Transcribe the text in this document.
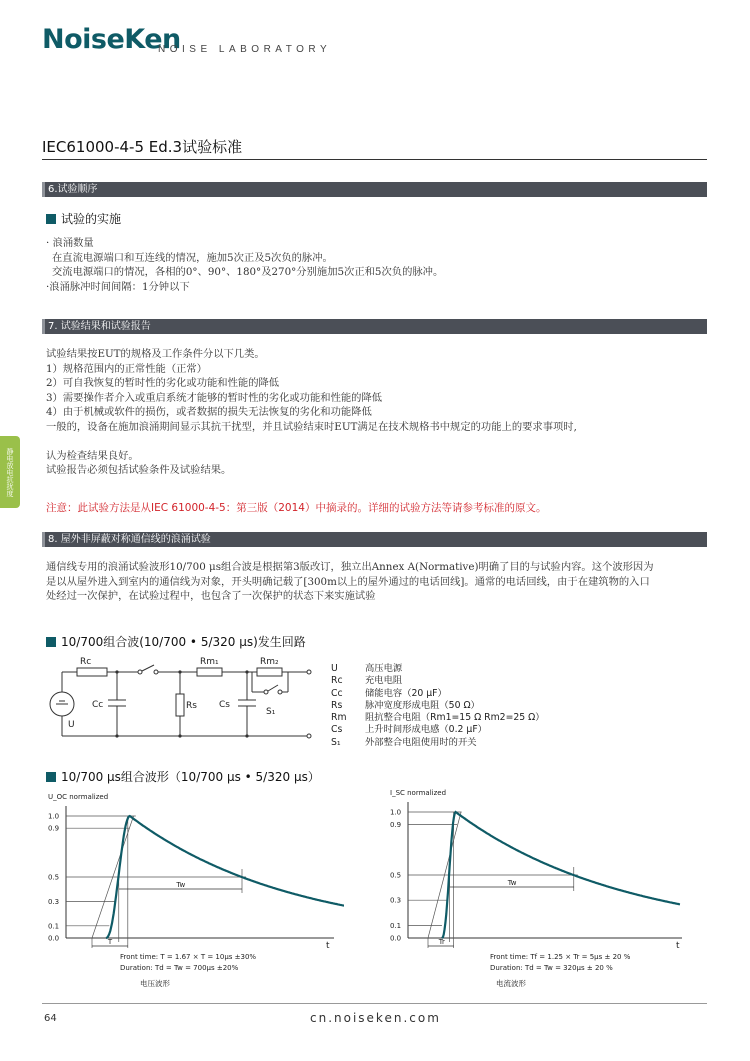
NoiseKen
NOISE LABORATORY
IEC61000-4-5 Ed.3试验标准
静电放电抗扰度
6.试验顺序
试验的实施
· 浪涌数量
在直流电源端口和互连线的情况，施加5次正及5次负的脉冲。
交流电源端口的情况，各相的0°、90°、180°及270°分别施加5次正和5次负的脉冲。
·浪涌脉冲时间间隔：1分钟以下
7. 试验结果和试验报告
试验结果按EUT的规格及工作条件分以下几类。
1）规格范围内的正常性能（正常）
2）可自我恢复的暂时性的劣化或功能和性能的降低
3）需要操作者介入或重启系统才能够的暂时性的劣化或功能和性能的降低
4）由于机械或软件的损伤，或者数据的损失无法恢复的劣化和功能降低
一般的，设备在施加浪涌期间显示其抗干扰型，并且试验结束时EUT满足在技术规格书中规定的功能上的要求事项时,
认为检查结果良好。
试验报告必须包括试验条件及试验结果。
注意：此试验方法是从IEC 61000-4-5：第三版（2014）中摘录的。详细的试验方法等请参考标准的原文。
8. 屋外非屏蔽对称通信线的浪涌试验
通信线专用的浪涌试验波形10/700 μs组合波是根据第3版改订，独立出Annex A(Normative)明确了目的与试验内容。这个波形因为
是以从屋外进入到室内的通信线为对象，开头明确记载了[300m以上的屋外通过的电话回线]。通常的电话回线，由于在建筑物的入口
处经过一次保护，在试验过程中，也包含了一次保护的状态下来实施试验
10/700组合波(10/700 • 5/320 μs)发生回路
Rc	Rm₁	Rm₂
Cc	Rs Cs
S₁
U
U	高压电源
Rc 充电电阻
Cc 储能电容（20 μF）
Rs 脉冲宽度形成电阻（50 Ω）
Rm 阻抗整合电阻（Rm1=15 Ω Rm2=25 Ω）
Cs 上升时间形成电感（0.2 μF）
S₁	外部整合电阻使用时的开关
10/700 μs组合波形（10/700 μs • 5/320 μs）
U_OC normalized
t
1.0
0.9
0.5
0.3
0.1
0.0	T
Tw
Front time: T = 1.67 × T = 10μs ±30%
Duration: Td = Tw = 700μs ±20%
电压波形
I_SC normalized
t
1.0
0.9
0.5
0.3
0.1
0.0	Tr
Tw
Front time: Tf = 1.25 × Tr = 5μs ± 20 %
Duration: Td = Tw = 320μs ± 20 %
电流波形
64	cn.noiseken.com
